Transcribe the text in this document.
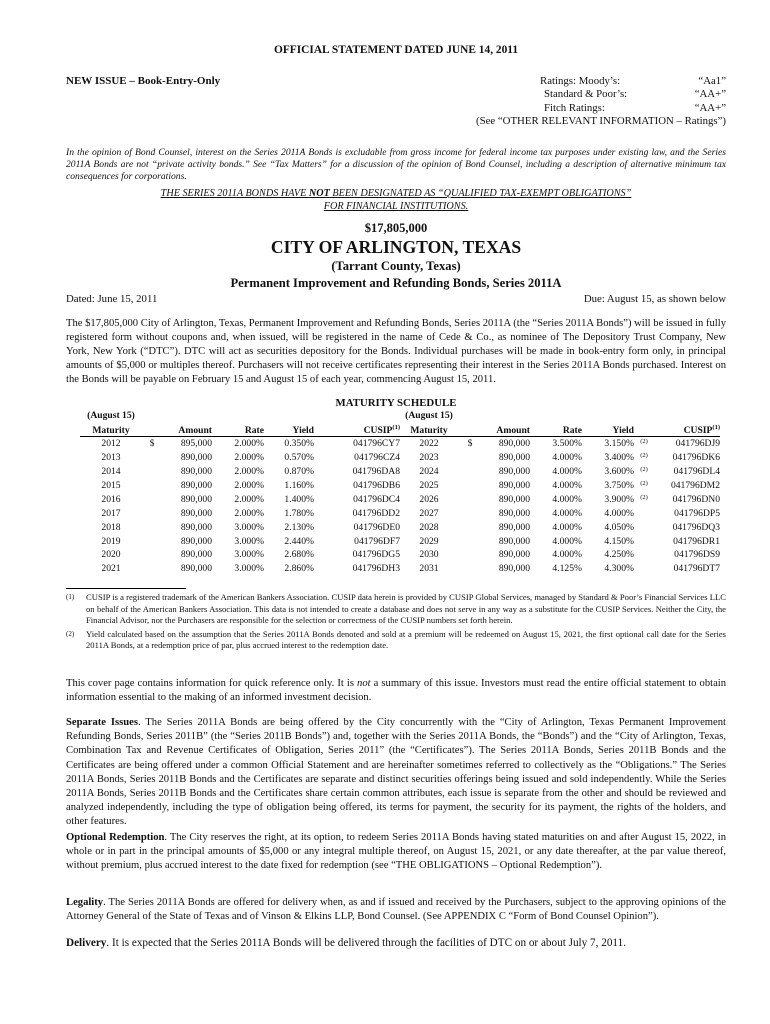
OFFICIAL STATEMENT DATED JUNE 14, 2011
NEW ISSUE – Book-Entry-Only	Ratings: Moody’s:	“Aa1”
Standard & Poor’s:	“AA+”
Fitch Ratings:	“AA+”
(See “OTHER RELEVANT INFORMATION – Ratings”)
In the opinion of Bond Counsel, interest on the Series 2011A Bonds is excludable from gross income for federal income tax purposes under existing law, and the Series 2011A Bonds are not “private activity bonds.” See “Tax Matters” for a discussion of the opinion of Bond Counsel, including a description of alternative minimum tax consequences for corporations.
THE SERIES 2011A BONDS HAVE NOT BEEN DESIGNATED AS “QUALIFIED TAX-EXEMPT OBLIGATIONS”
FOR FINANCIAL INSTITUTIONS.
$17,805,000
CITY OF ARLINGTON, TEXAS
(Tarrant County, Texas)
Permanent Improvement and Refunding Bonds, Series 2011A
Dated: June 15, 2011	Due: August 15, as shown below
The $17,805,000 City of Arlington, Texas, Permanent Improvement and Refunding Bonds, Series 2011A (the “Series 2011A Bonds”) will be issued in fully registered form without coupons and, when issued, will be registered in the name of Cede & Co., as nominee of The Depository Trust Company, New York, New York (“DTC”). DTC will act as securities depository for the Bonds. Individual purchases will be made in book-entry form only, in principal amounts of $5,000 or multiples thereof. Purchasers will not receive certificates representing their interest in the Series 2011A Bonds purchased. Interest on the Bonds will be payable on February 15 and August 15 of each year, commencing August 15, 2011.
MATURITY SCHEDULE
(August 15)					
Maturity		Amount	Rate	Yield	CUSIP$^{(1)}$
2012	$	895,000	2.000%	0.350%	041796CY7
2013		890,000	2.000%	0.570%	041796CZ4
2014		890,000	2.000%	0.870%	041796DA8
2015		890,000	2.000%	1.160%	041796DB6
2016		890,000	2.000%	1.400%	041796DC4
2017		890,000	2.000%	1.780%	041796DD2
2018		890,000	3.000%	2.130%	041796DE0
2019		890,000	3.000%	2.440%	041796DF7
2020		890,000	3.000%	2.680%	041796DG5
2021		890,000	3.000%	2.860%	041796DH3
(August 15)						
Maturity		Amount	Rate	Yield		CUSIP$^{(1)}$
2022	$	890,000	3.500%	3.150%	(2)	041796DJ9
2023		890,000	4.000%	3.400%	(2)	041796DK6
2024		890,000	4.000%	3.600%	(2)	041796DL4
2025		890,000	4.000%	3.750%	(2)	041796DM2
2026		890,000	4.000%	3.900%	(2)	041796DN0
2027		890,000	4.000%	4.000%		041796DP5
2028		890,000	4.000%	4.050%		041796DQ3
2029		890,000	4.000%	4.150%		041796DR1
2030		890,000	4.000%	4.250%		041796DS9
2031		890,000	4.125%	4.300%		041796DT7
(1)	CUSIP is a registered trademark of the American Bankers Association. CUSIP data herein is provided by CUSIP Global Services, managed by Standard & Poor’s Financial Services LLC on behalf of the American Bankers Association. This data is not intended to create a database and does not serve in any way as a substitute for the CUSIP Services. Neither the City, the Financial Advisor, nor the Purchasers are responsible for the selection or correctness of the CUSIP numbers set forth herein.
(2)	Yield calculated based on the assumption that the Series 2011A Bonds denoted and sold at a premium will be redeemed on August 15, 2021, the first optional call date for the Series 2011A Bonds, at a redemption price of par, plus accrued interest to the redemption date.
This cover page contains information for quick reference only. It is not a summary of this issue. Investors must read the entire official statement to obtain information essential to the making of an informed investment decision.
Separate Issues. The Series 2011A Bonds are being offered by the City concurrently with the “City of Arlington, Texas Permanent Improvement Refunding Bonds, Series 2011B” (the “Series 2011B Bonds”) and, together with the Series 2011A Bonds, the “Bonds”) and the “City of Arlington, Texas, Combination Tax and Revenue Certificates of Obligation, Series 2011” (the “Certificates”). The Series 2011A Bonds, Series 2011B Bonds and the Certificates are being offered under a common Official Statement and are hereinafter sometimes referred to collectively as the “Obligations.” The Series 2011A Bonds, Series 2011B Bonds and the Certificates are separate and distinct securities offerings being issued and sold independently. While the Series 2011A Bonds, Series 2011B Bonds and the Certificates share certain common attributes, each issue is separate from the other and should be reviewed and analyzed independently, including the type of obligation being offered, its terms for payment, the security for its payment, the rights of the holders, and other features.
Optional Redemption. The City reserves the right, at its option, to redeem Series 2011A Bonds having stated maturities on and after August 15, 2022, in whole or in part in the principal amounts of $5,000 or any integral multiple thereof, on August 15, 2021, or any date thereafter, at the par value thereof, without premium, plus accrued interest to the date fixed for redemption (see “THE OBLIGATIONS – Optional Redemption”).
Legality. The Series 2011A Bonds are offered for delivery when, as and if issued and received by the Purchasers, subject to the approving opinions of the Attorney General of the State of Texas and of Vinson & Elkins LLP, Bond Counsel. (See APPENDIX C “Form of Bond Counsel Opinion”).
Delivery. It is expected that the Series 2011A Bonds will be delivered through the facilities of DTC on or about July 7, 2011.
